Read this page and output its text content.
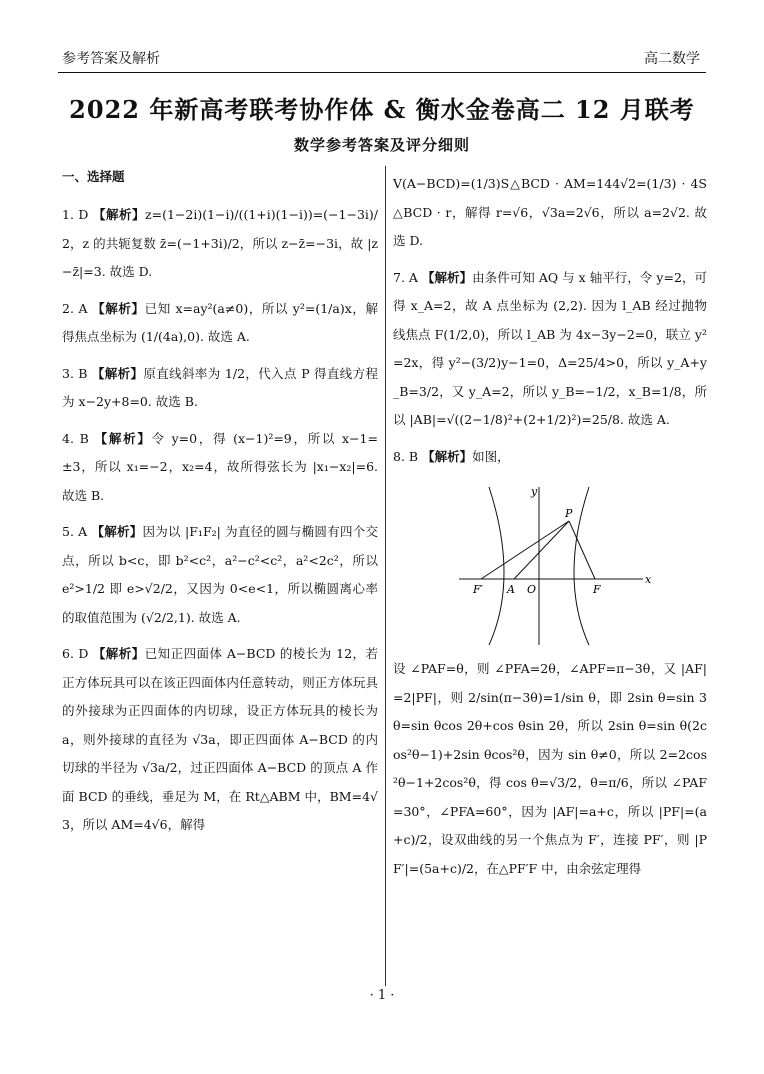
参考答案及解析	高二数学
2022 年新高考联考协作体 & 衡水金卷高二 12 月联考
数学参考答案及评分细则
一、选择题
1. D 【解析】z=(1−2i)(1−i)/((1+i)(1−i))=(−1−3i)/2，z 的共轭复数 z̄=(−1+3i)/2，所以 z−z̄=−3i，故 |z−z̄|=3. 故选 D.
2. A 【解析】已知 x=ay²(a≠0)，所以 y²=(1/a)x，解得焦点坐标为 (1/(4a),0). 故选 A.
3. B 【解析】原直线斜率为 1/2，代入点 P 得直线方程为 x−2y+8=0. 故选 B.
4. B 【解析】令 y=0，得 (x−1)²=9，所以 x−1=±3，所以 x₁=−2，x₂=4，故所得弦长为 |x₁−x₂|=6. 故选 B.
5. A 【解析】因为以 |F₁F₂| 为直径的圆与椭圆有四个交点，所以 b<c，即 b²<c²，a²−c²<c²，a²<2c²，所以 e²>1/2 即 e>√2/2，又因为 0<e<1，所以椭圆离心率的取值范围为 (√2/2,1). 故选 A.
6. D 【解析】已知正四面体 A−BCD 的棱长为 12，若正方体玩具可以在该正四面体内任意转动，则正方体玩具的外接球为正四面体的内切球，设正方体玩具的棱长为 a，则外接球的直径为 √3a，即正四面体 A−BCD 的内切球的半径为 √3a/2，过正四面体 A−BCD 的顶点 A 作面 BCD 的垂线，垂足为 M，在 Rt△ABM 中，BM=4√3，所以 AM=4√6，解得
V(A−BCD)=(1/3)S△BCD · AM=144√2=(1/3) · 4S△BCD · r，解得 r=√6，√3a=2√6，所以 a=2√2. 故选 D.
7. A 【解析】由条件可知 AQ 与 x 轴平行，令 y=2，可得 x_A=2，故 A 点坐标为 (2,2). 因为 l_AB 经过抛物线焦点 F(1/2,0)，所以 l_AB 为 4x−3y−2=0，联立 y²=2x，得 y²−(3/2)y−1=0，Δ=25/4>0，所以 y_A+y_B=3/2，又 y_A=2，所以 y_B=−1/2，x_B=1/8，所以 |AB|=√((2−1/8)²+(2+1/2)²)=25/8. 故选 A.
8. B 【解析】如图，
x
y
P
F′ A O	F
设 ∠PAF=θ，则 ∠PFA=2θ，∠APF=π−3θ，又 |AF|=2|PF|，则 2/sin(π−3θ)=1/sin θ，即 2sin θ=sin 3θ=sin θcos 2θ+cos θsin 2θ，所以 2sin θ=sin θ(2cos²θ−1)+2sin θcos²θ，因为 sin θ≠0，所以 2=2cos²θ−1+2cos²θ，得 cos θ=√3/2，θ=π/6，所以 ∠PAF=30°，∠PFA=60°，因为 |AF|=a+c，所以 |PF|=(a+c)/2，设双曲线的另一个焦点为 F′，连接 PF′，则 |PF′|=(5a+c)/2，在△PF′F 中，由余弦定理得
· 1 ·
